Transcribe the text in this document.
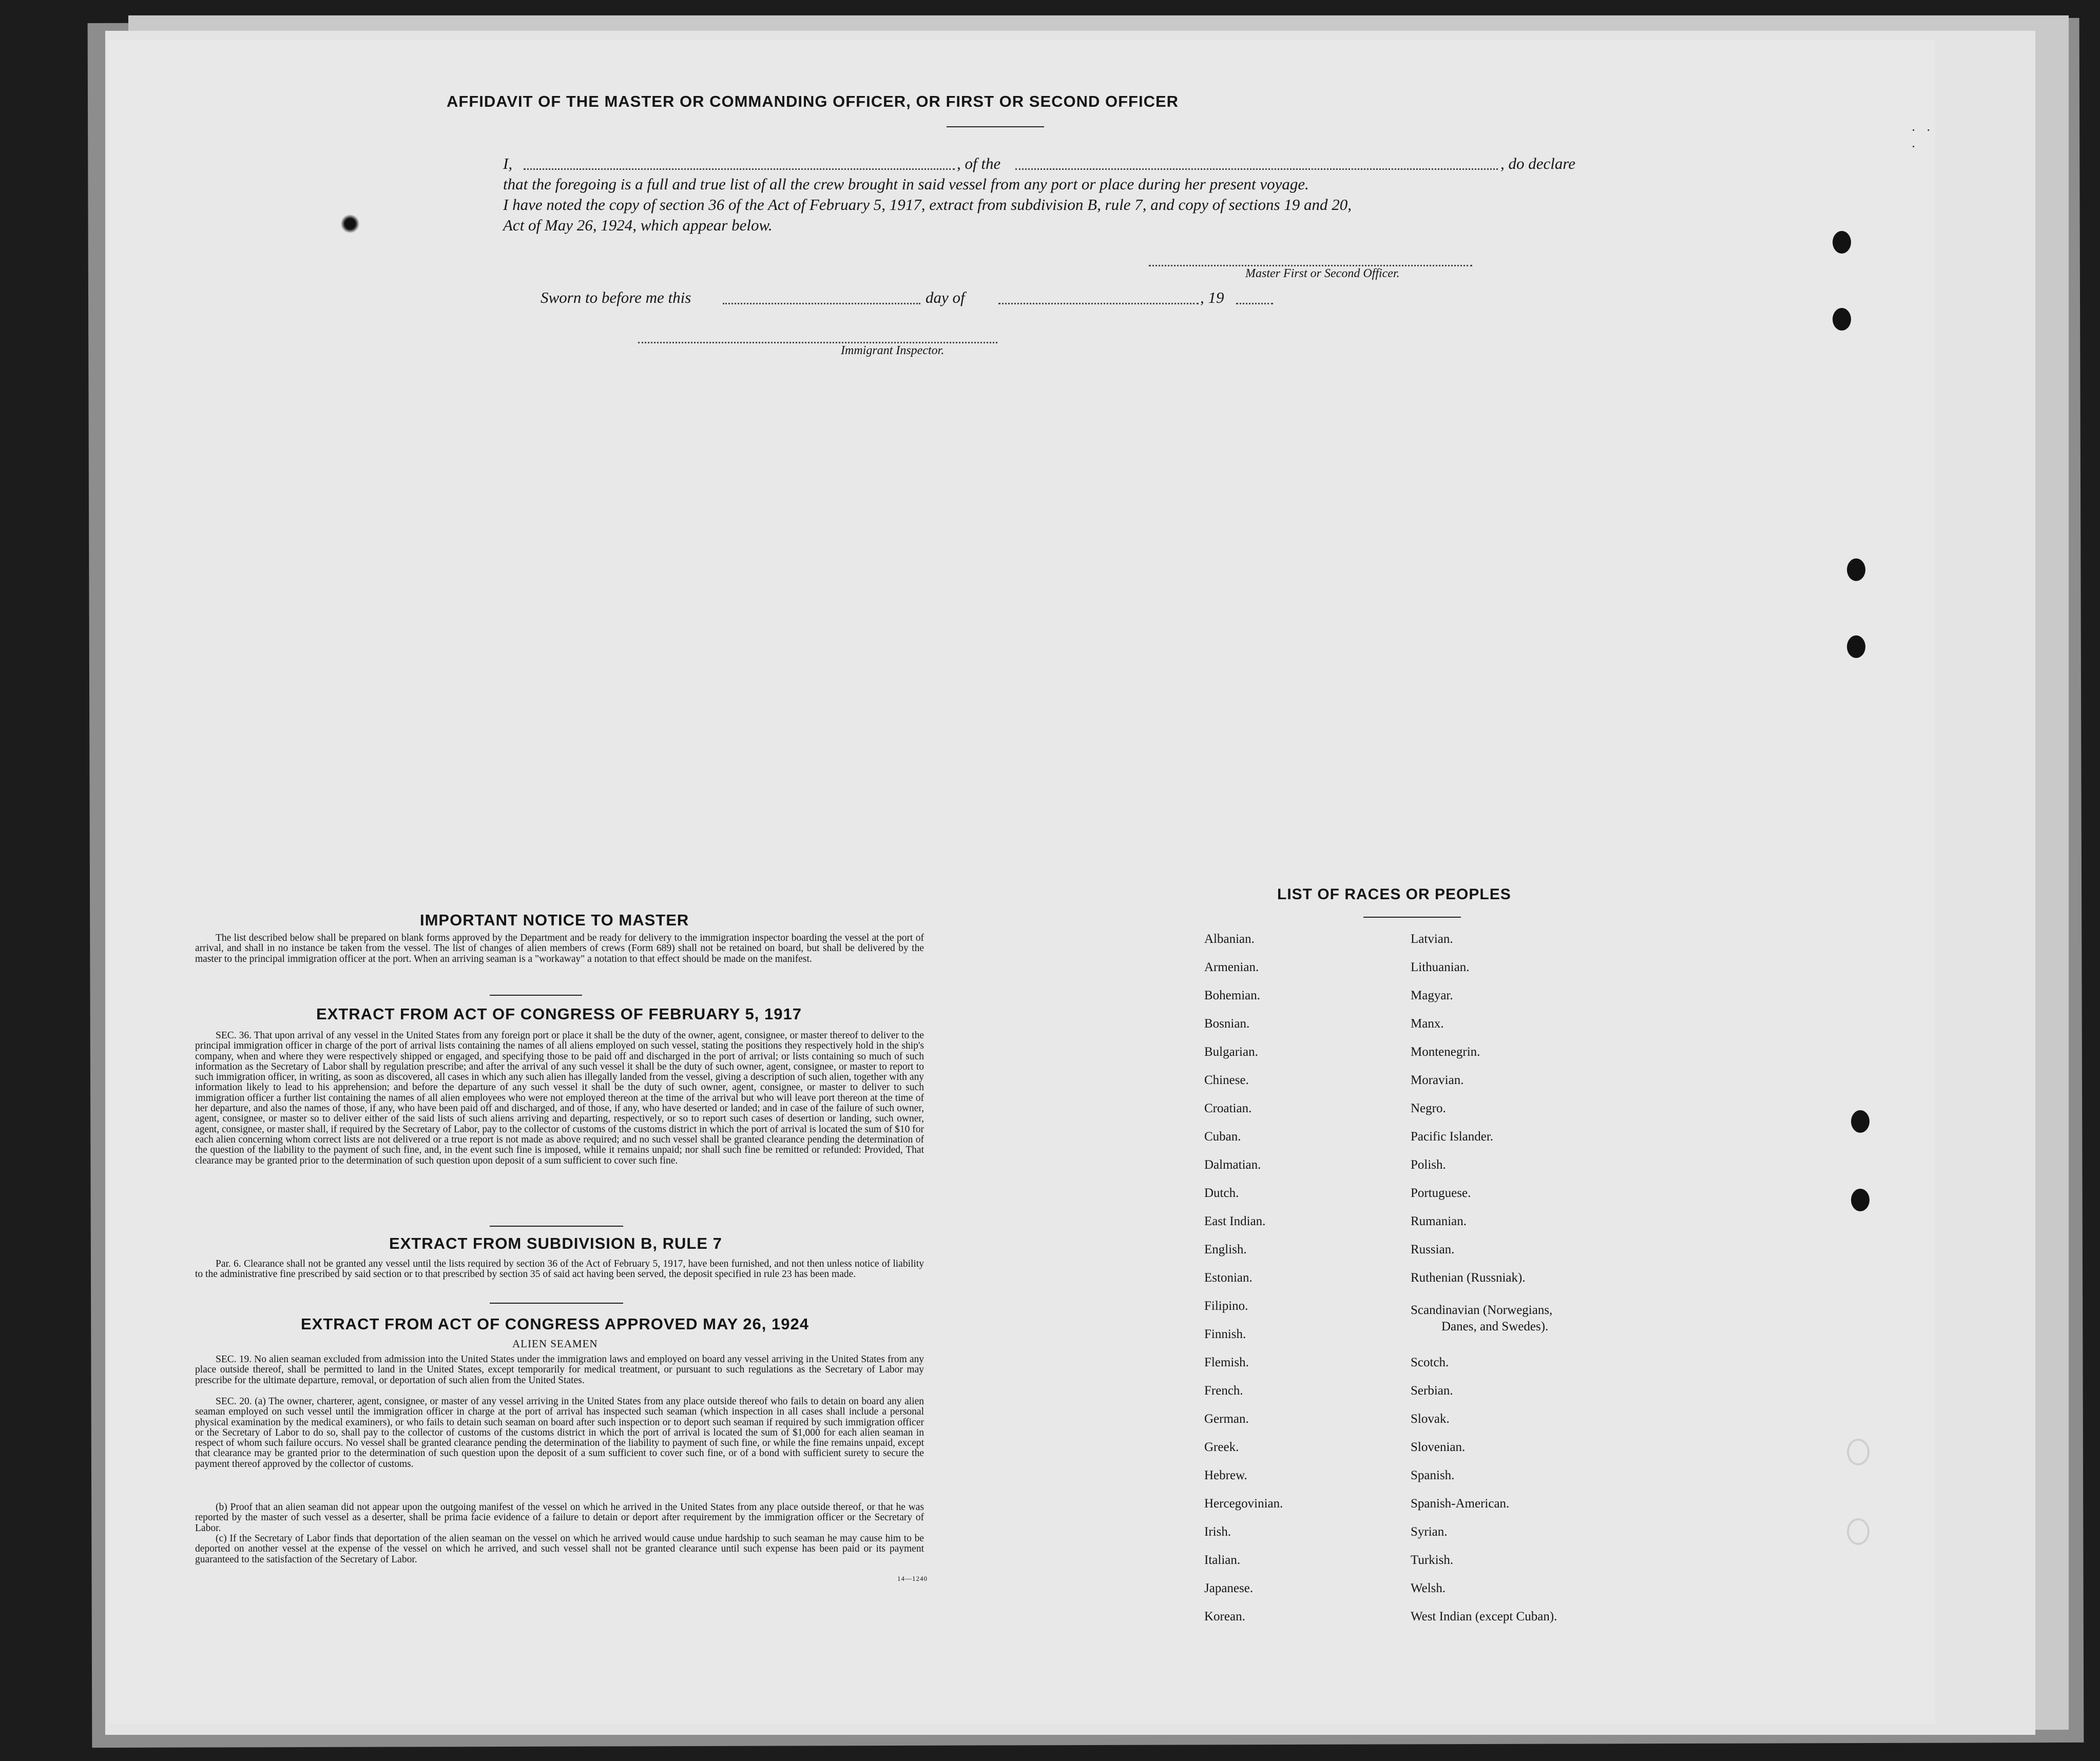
· · ·
AFFIDAVIT OF THE MASTER OR COMMANDING OFFICER, OR FIRST OR SECOND OFFICER
I,	, of the	, do declare
that the foregoing is a full and true list of all the crew brought in said vessel from any port or place during her present voyage.
I have noted the copy of section 36 of the Act of February 5, 1917, extract from subdivision B, rule 7, and copy of sections 19 and 20,
Act of May 26, 1924, which appear below.
Master First or Second Officer.
Sworn to before me this	day of	, 19
Immigrant Inspector.
IMPORTANT NOTICE TO MASTER

The list described below shall be prepared on blank forms approved by the Department and be ready for delivery to the immigration inspector boarding the vessel at the port of arrival, and shall in no instance be taken from the vessel. The list of changes of alien members of crews (Form 689) shall not be retained on board, but shall be delivered by the master to the principal immigration officer at the port. When an arriving seaman is a "workaway" a notation to that effect should be made on the manifest.

EXTRACT FROM ACT OF CONGRESS OF FEBRUARY 5, 1917

SEC. 36. That upon arrival of any vessel in the United States from any foreign port or place it shall be the duty of the owner, agent, consignee, or master thereof to deliver to the principal immigration officer in charge of the port of arrival lists containing the names of all aliens employed on such vessel, stating the positions they respectively hold in the ship's company, when and where they were respectively shipped or engaged, and specifying those to be paid off and discharged in the port of arrival; or lists containing so much of such information as the Secretary of Labor shall by regulation prescribe; and after the arrival of any such vessel it shall be the duty of such owner, agent, consignee, or master to report to such immigration officer, in writing, as soon as discovered, all cases in which any such alien has illegally landed from the vessel, giving a description of such alien, together with any information likely to lead to his apprehension; and before the departure of any such vessel it shall be the duty of such owner, agent, consignee, or master to deliver to such immigration officer a further list containing the names of all alien employees who were not employed thereon at the time of the arrival but who will leave port thereon at the time of her departure, and also the names of those, if any, who have been paid off and discharged, and of those, if any, who have deserted or landed; and in case of the failure of such owner, agent, consignee, or master so to deliver either of the said lists of such aliens arriving and departing, respectively, or so to report such cases of desertion or landing, such owner, agent, consignee, or master shall, if required by the Secretary of Labor, pay to the collector of customs of the customs district in which the port of arrival is located the sum of $10 for each alien concerning whom correct lists are not delivered or a true report is not made as above required; and no such vessel shall be granted clearance pending the determination of the question of the liability to the payment of such fine, and, in the event such fine is imposed, while it remains unpaid; nor shall such fine be remitted or refunded: Provided, That clearance may be granted prior to the determination of such question upon deposit of a sum sufficient to cover such fine.

EXTRACT FROM SUBDIVISION B, RULE 7

Par. 6. Clearance shall not be granted any vessel until the lists required by section 36 of the Act of February 5, 1917, have been furnished, and not then unless notice of liability to the administrative fine prescribed by said section or to that prescribed by section 35 of said act having been served, the deposit specified in rule 23 has been made.

EXTRACT FROM ACT OF CONGRESS APPROVED MAY 26, 1924
ALIEN SEAMEN

SEC. 19. No alien seaman excluded from admission into the United States under the immigration laws and employed on board any vessel arriving in the United States from any place outside thereof, shall be permitted to land in the United States, except temporarily for medical treatment, or pursuant to such regulations as the Secretary of Labor may prescribe for the ultimate departure, removal, or deportation of such alien from the United States.

SEC. 20. (a) The owner, charterer, agent, consignee, or master of any vessel arriving in the United States from any place outside thereof who fails to detain on board any alien seaman employed on such vessel until the immigration officer in charge at the port of arrival has inspected such seaman (which inspection in all cases shall include a personal physical examination by the medical examiners), or who fails to detain such seaman on board after such inspection or to deport such seaman if required by such immigration officer or the Secretary of Labor to do so, shall pay to the collector of customs of the customs district in which the port of arrival is located the sum of $1,000 for each alien seaman in respect of whom such failure occurs. No vessel shall be granted clearance pending the determination of the liability to payment of such fine, or while the fine remains unpaid, except that clearance may be granted prior to the determination of such question upon the deposit of a sum sufficient to cover such fine, or of a bond with sufficient surety to secure the payment thereof approved by the collector of customs.

(b) Proof that an alien seaman did not appear upon the outgoing manifest of the vessel on which he arrived in the United States from any place outside thereof, or that he was reported by the master of such vessel as a deserter, shall be prima facie evidence of a failure to detain or deport after requirement by the immigration officer or the Secretary of Labor.

(c) If the Secretary of Labor finds that deportation of the alien seaman on the vessel on which he arrived would cause undue hardship to such seaman he may cause him to be deported on another vessel at the expense of the vessel on which he arrived, and such vessel shall not be granted clearance until such expense has been paid or its payment guaranteed to the satisfaction of the Secretary of Labor.

14—1240
LIST OF RACES OR PEOPLES
Albanian.
Armenian.
Bohemian.
Bosnian.
Bulgarian.
Chinese.
Croatian.
Cuban.
Dalmatian.
Dutch.
East Indian.
English.
Estonian.
Filipino.
Finnish.
Flemish.
French.
German.
Greek.
Hebrew.
Hercegovinian.
Irish.
Italian.
Japanese.
Korean.
Latvian.
Lithuanian.
Magyar.
Manx.
Montenegrin.
Moravian.
Negro.
Pacific Islander.
Polish.
Portuguese.
Rumanian.
Russian.
Ruthenian (Russniak).
Scandinavian (Norwegians,
Danes, and Swedes).
Scotch.
Serbian.
Slovak.
Slovenian.
Spanish.
Spanish-American.
Syrian.
Turkish.
Welsh.
West Indian (except Cuban).
